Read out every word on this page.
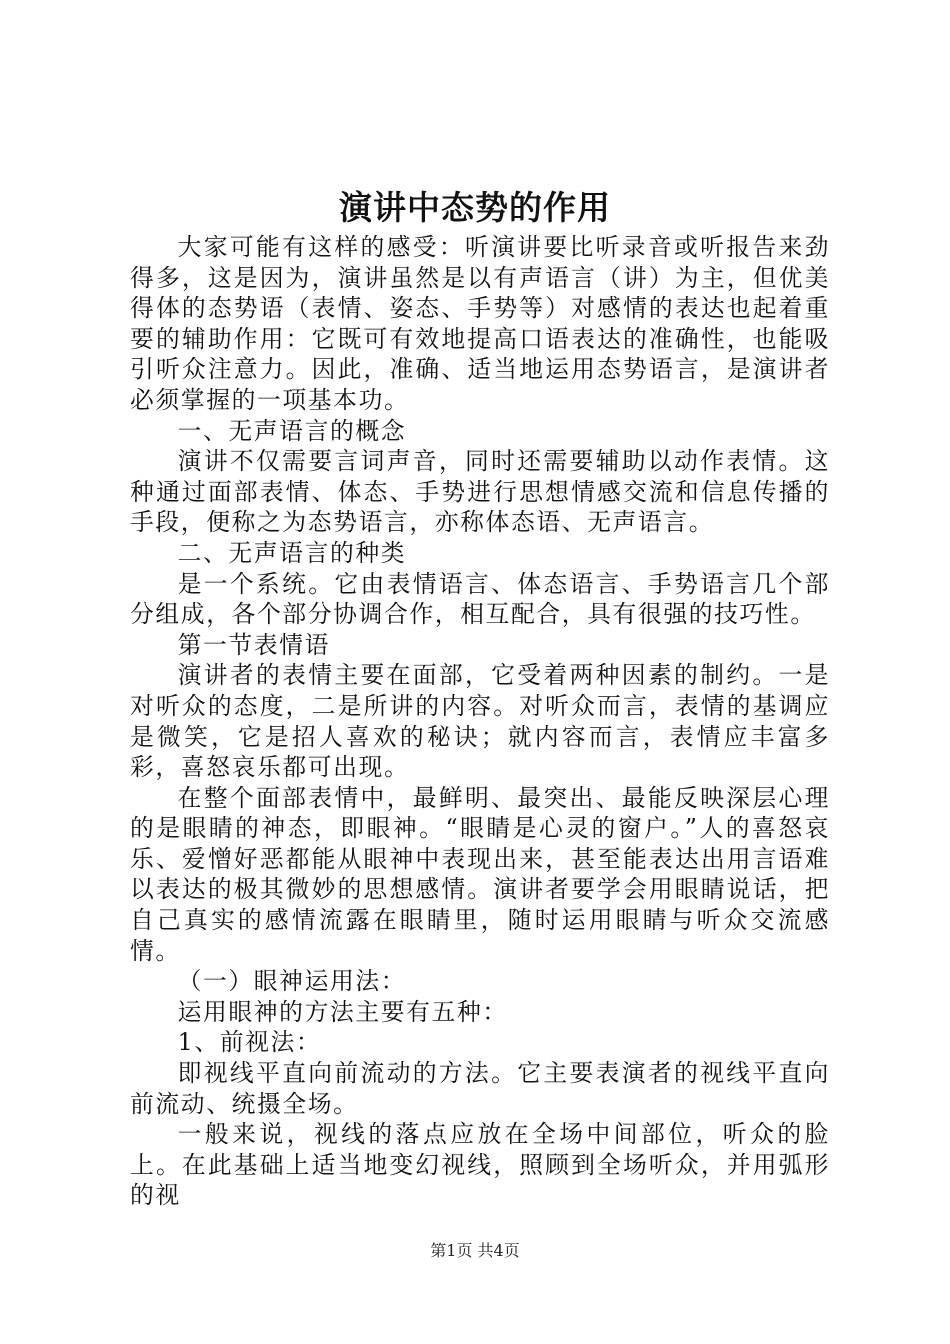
演讲中态势的作用

大家可能有这样的感受：听演讲要比听录音或听报告来劲得多，这是因为，演讲虽然是以有声语言（讲）为主，但优美得体的态势语（表情、姿态、手势等）对感情的表达也起着重要的辅助作用：它既可有效地提高口语表达的准确性，也能吸引听众注意力。因此，准确、适当地运用态势语言，是演讲者必须掌握的一项基本功。

一、无声语言的概念

演讲不仅需要言词声音，同时还需要辅助以动作表情。这种通过面部表情、体态、手势进行思想情感交流和信息传播的手段，便称之为态势语言，亦称体态语、无声语言。

二、无声语言的种类

是一个系统。它由表情语言、体态语言、手势语言几个部分组成，各个部分协调合作，相互配合，具有很强的技巧性。

第一节表情语

演讲者的表情主要在面部，它受着两种因素的制约。一是对听众的态度，二是所讲的内容。对听众而言，表情的基调应是微笑，它是招人喜欢的秘诀；就内容而言，表情应丰富多彩，喜怒哀乐都可出现。

在整个面部表情中，最鲜明、最突出、最能反映深层心理的是眼睛的神态，即眼神。“眼睛是心灵的窗户。”人的喜怒哀乐、爱憎好恶都能从眼神中表现出来，甚至能表达出用言语难以表达的极其微妙的思想感情。演讲者要学会用眼睛说话，把自己真实的感情流露在眼睛里，随时运用眼睛与听众交流感情。

（一）眼神运用法：

运用眼神的方法主要有五种：

1、前视法：

即视线平直向前流动的方法。它主要表演者的视线平直向前流动、统摄全场。

一般来说，视线的落点应放在全场中间部位，听众的脸上。在此基础上适当地变幻视线，照顾到全场听众，并用弧形的视

第1页 共4页
